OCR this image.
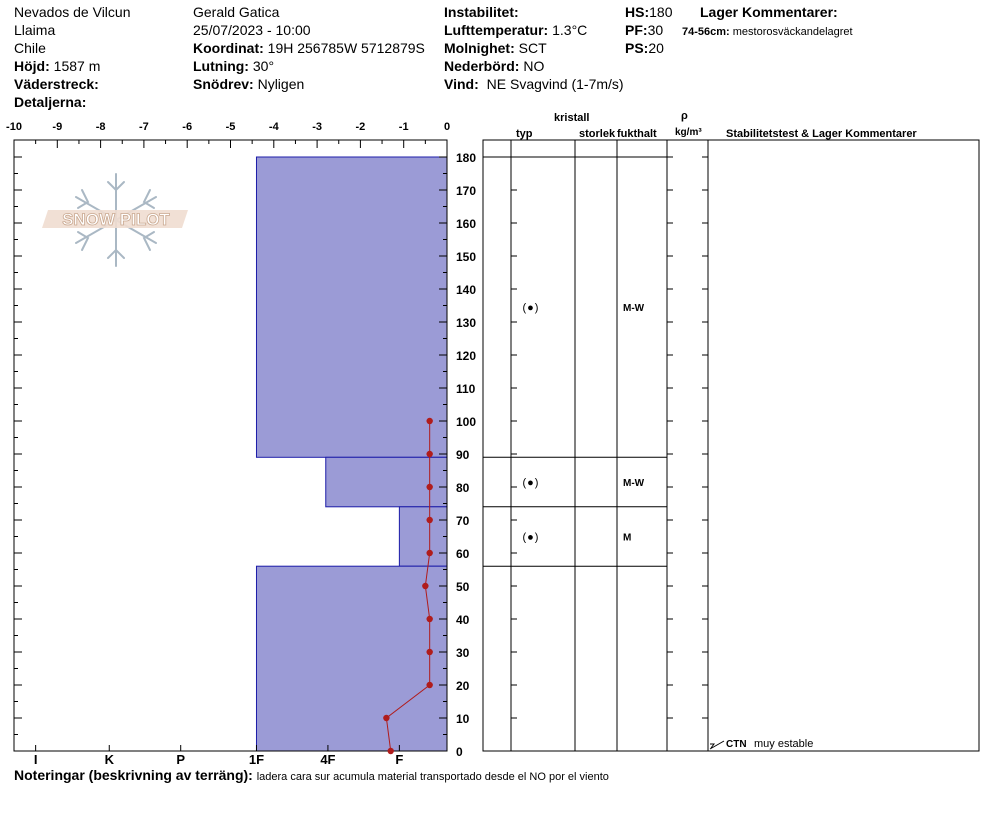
Nevados de Vilcun
Llaima
Chile
Höjd: 1587 m
Väderstreck:
Detaljerna:
Gerald Gatica
25/07/2023 - 10:00
Koordinat: 19H 256785W 5712879S
Lutning: 30°
Snödrev: Nyligen
Instabilitet:
Lufttemperatur: 1.3°C
Molnighet: SCT
Nederbörd: NO
Vind: NE Svagvind (1-7m/s)
HS:180
PF:30
PS:20
Lager Kommentarer:
74-56cm: mestorosväckandelagret
kristall
typ	storlek fukthalt
ρ
kg/m³ Stabilitetstest & Lager Kommentarer
SNOW PILOT
-10	-9	-8	-7	-6	-5	-4	-3	-2	-1	0
0
10
20
30
40
50
60
70
80
90
100
110
120
130
140
150
160
170
180
I	K	P	1F	4F	F
(●)	M-W
(●)	M-W
(●)	M
CTN muy estable
Noteringar (beskrivning av terräng): ladera cara sur acumula material transportado desde el NO por el viento
